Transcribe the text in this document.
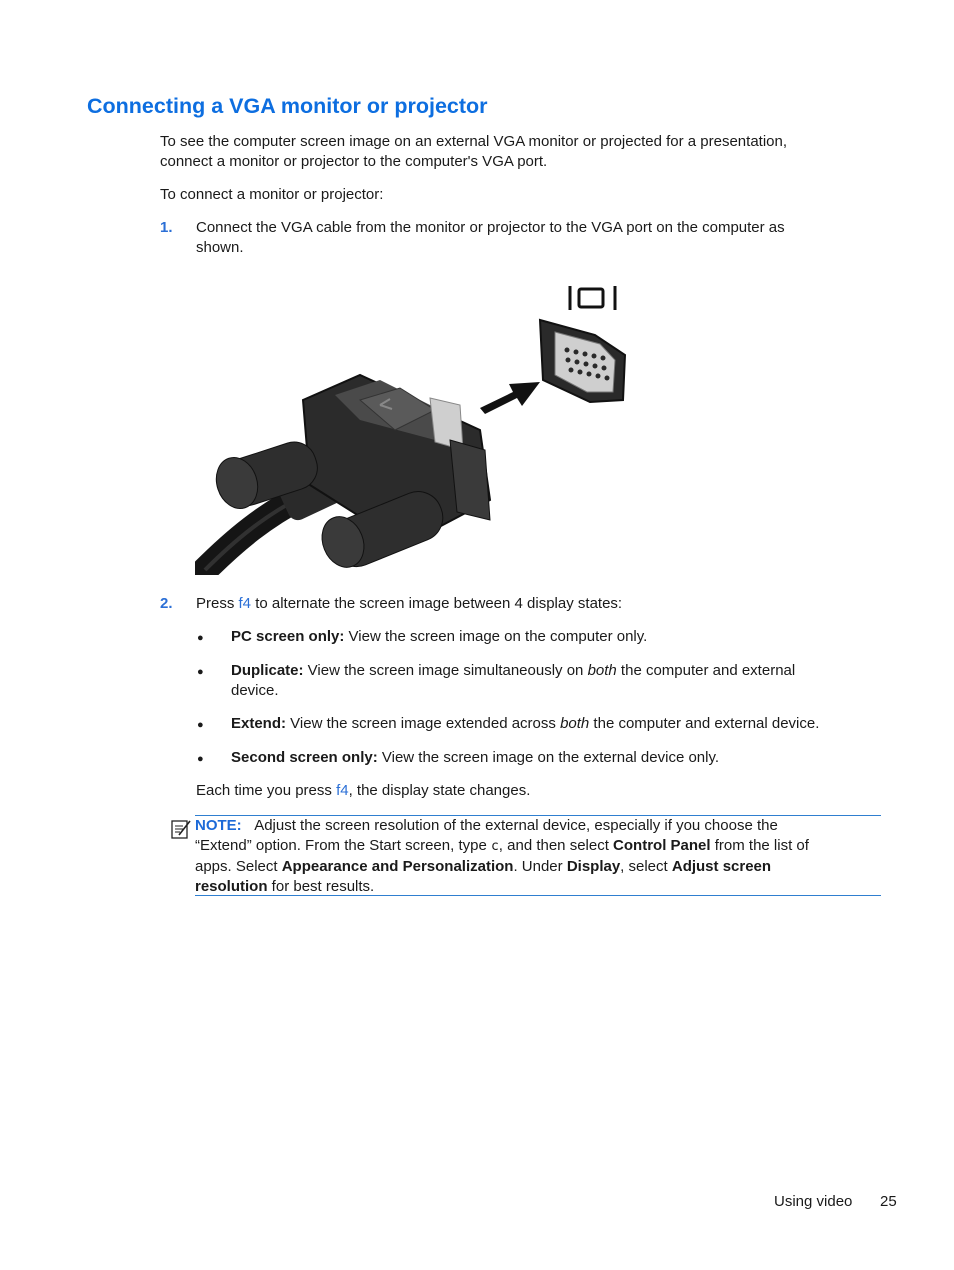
Connecting a VGA monitor or projector

To see the computer screen image on an external VGA monitor or projected for a presentation,
connect a monitor or projector to the computer's VGA port.

To connect a monitor or projector:

1. Connect the VGA cable from the monitor or projector to the VGA port on the computer as
shown.

2. Press f4 to alternate the screen image between 4 display states:

● PC screen only: View the screen image on the computer only.

● Duplicate: View the screen image simultaneously on both the computer and external
device.

● Extend: View the screen image extended across both the computer and external device.

● Second screen only: View the screen image on the external device only.

Each time you press f4, the display state changes.

NOTE: Adjust the screen resolution of the external device, especially if you choose the
“Extend” option. From the Start screen, type c, and then select Control Panel from the list of
apps. Select Appearance and Personalization. Under Display, select Adjust screen
resolution for best results.

Using video 25
